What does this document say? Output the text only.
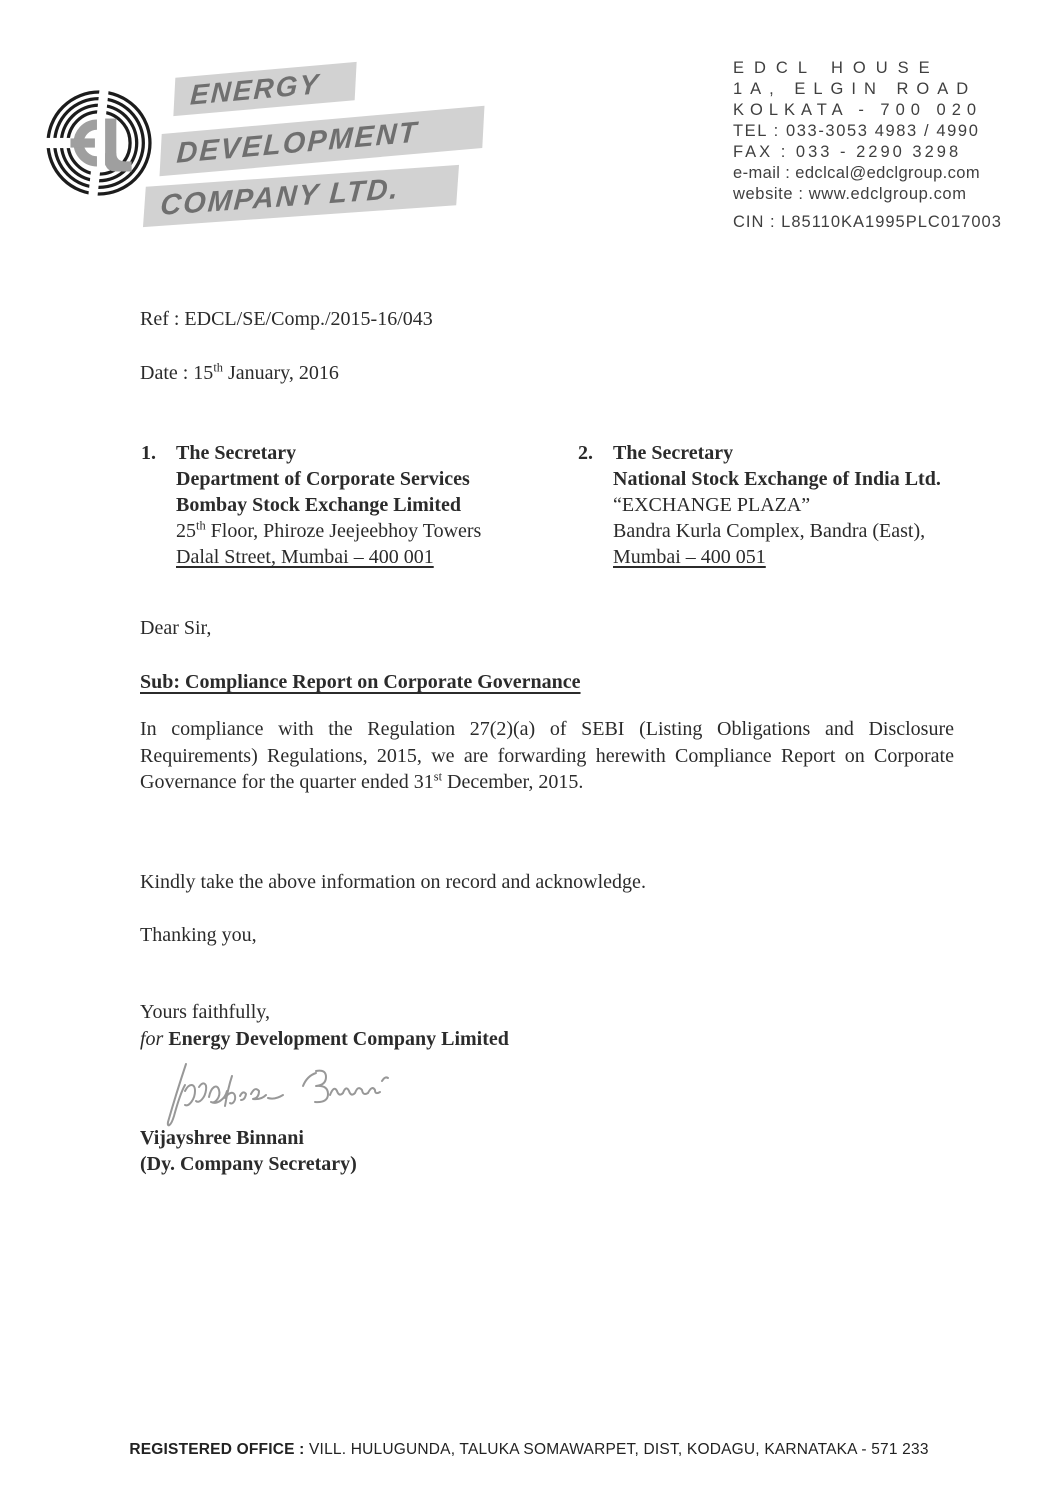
ENERGY
DEVELOPMENT
COMPANY LTD.
EDCL HOUSE
1A, ELGIN ROAD
KOLKATA - 700 020
TEL : 033-3053 4983 / 4990
FAX : 033 - 2290 3298
e-mail : edclcal@edclgroup.com
website : www.edclgroup.com
CIN : L85110KA1995PLC017003
Ref : EDCL/SE/Comp./2015-16/043
Date : 15th January, 2016
1.	The Secretary
Department of Corporate Services
Bombay Stock Exchange Limited
25th Floor, Phiroze Jeejeebhoy Towers
Dalal Street, Mumbai – 400 001
2.	The Secretary
National Stock Exchange of India Ltd.
“EXCHANGE PLAZA”
Bandra Kurla Complex, Bandra (East),
Mumbai – 400 051
Dear Sir,
Sub: Compliance Report on Corporate Governance
In compliance with the Regulation 27(2)(a) of SEBI (Listing Obligations and Disclosure Requirements) Regulations, 2015, we are forwarding herewith Compliance Report on Corporate Governance for the quarter ended 31st December, 2015.
Kindly take the above information on record and acknowledge.
Thanking you,
Yours faithfully,
for Energy Development Company Limited
Vijayshree Binnani
(Dy. Company Secretary)
REGISTERED OFFICE : VILL. HULUGUNDA, TALUKA SOMAWARPET, DIST, KODAGU, KARNATAKA - 571 233
